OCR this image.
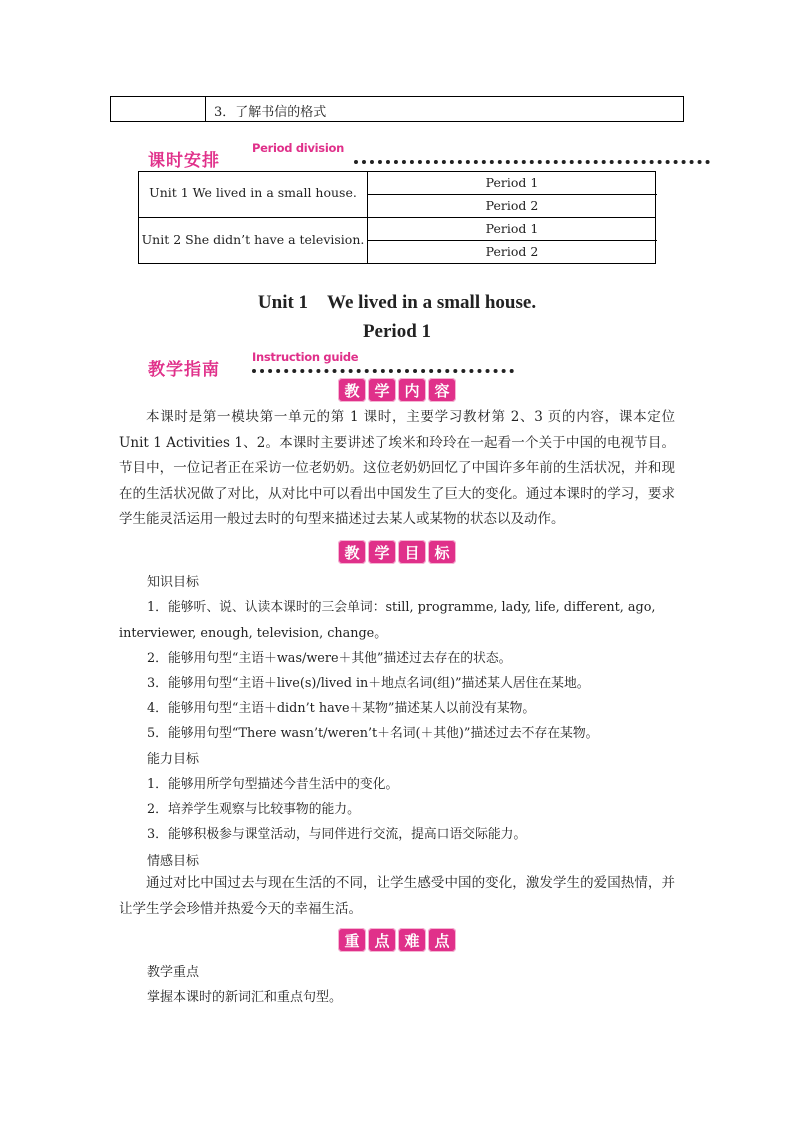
3．了解书信的格式
课时安排
Period division
Unit 1 We lived in a small house.
Period 1
Period 2
Unit 2 She didn’t have a television.
Period 1
Period 2
Unit 1　We lived in a small house.
Period 1
教学指南
Instruction guide
教 学 内 容
本课时是第一模块第一单元的第 1 课时，主要学习教材第 2、3 页的内容，课本定位 Unit 1 Activities 1、2。本课时主要讲述了埃米和玲玲在一起看一个关于中国的电视节目。节目中，一位记者正在采访一位老奶奶。这位老奶奶回忆了中国许多年前的生活状况，并和现在的生活状况做了对比，从对比中可以看出中国发生了巨大的变化。通过本课时的学习，要求学生能灵活运用一般过去时的句型来描述过去某人或某物的状态以及动作。
教 学 目 标
知识目标
1．能够听、说、认读本课时的三会单词：still, programme, lady, life, different, ago,
interviewer, enough, television, change。
2．能够用句型“主语＋was/were＋其他”描述过去存在的状态。
3．能够用句型“主语＋live(s)/lived in＋地点名词(组)”描述某人居住在某地。
4．能够用句型“主语＋didn’t have＋某物”描述某人以前没有某物。
5．能够用句型“There wasn’t/weren’t＋名词(＋其他)”描述过去不存在某物。
能力目标
1．能够用所学句型描述今昔生活中的变化。
2．培养学生观察与比较事物的能力。
3．能够积极参与课堂活动，与同伴进行交流，提高口语交际能力。
情感目标
通过对比中国过去与现在生活的不同，让学生感受中国的变化，激发学生的爱国热情，并让学生学会珍惜并热爱今天的幸福生活。
重 点 难 点
教学重点
掌握本课时的新词汇和重点句型。
